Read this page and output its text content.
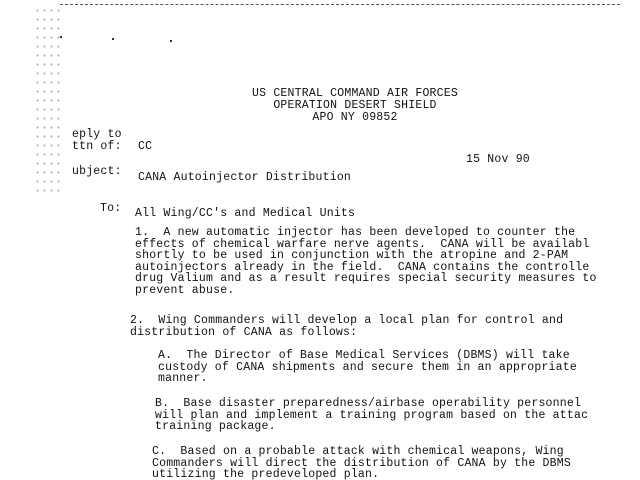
US CENTRAL COMMAND AIR FORCES
OPERATION DESERT SHIELD
APO NY 09852
eply to
ttn of: CC
15 Nov 90
ubject: CANA Autoinjector Distribution
To: All Wing/CC's and Medical Units
1.  A new automatic injector has been developed to counter the
effects of chemical warfare nerve agents.  CANA will be availabl
shortly to be used in conjunction with the atropine and 2-PAM
autoinjectors already in the field.  CANA contains the controlle
drug Valium and as a result requires special security measures to
prevent abuse.
2.  Wing Commanders will develop a local plan for control and
distribution of CANA as follows:
A.  The Director of Base Medical Services (DBMS) will take
custody of CANA shipments and secure them in an appropriate
manner.
B.  Base disaster preparedness/airbase operability personnel
will plan and implement a training program based on the attac
training package.
C.  Based on a probable attack with chemical weapons, Wing
Commanders will direct the distribution of CANA by the DBMS
utilizing the predeveloped plan.
